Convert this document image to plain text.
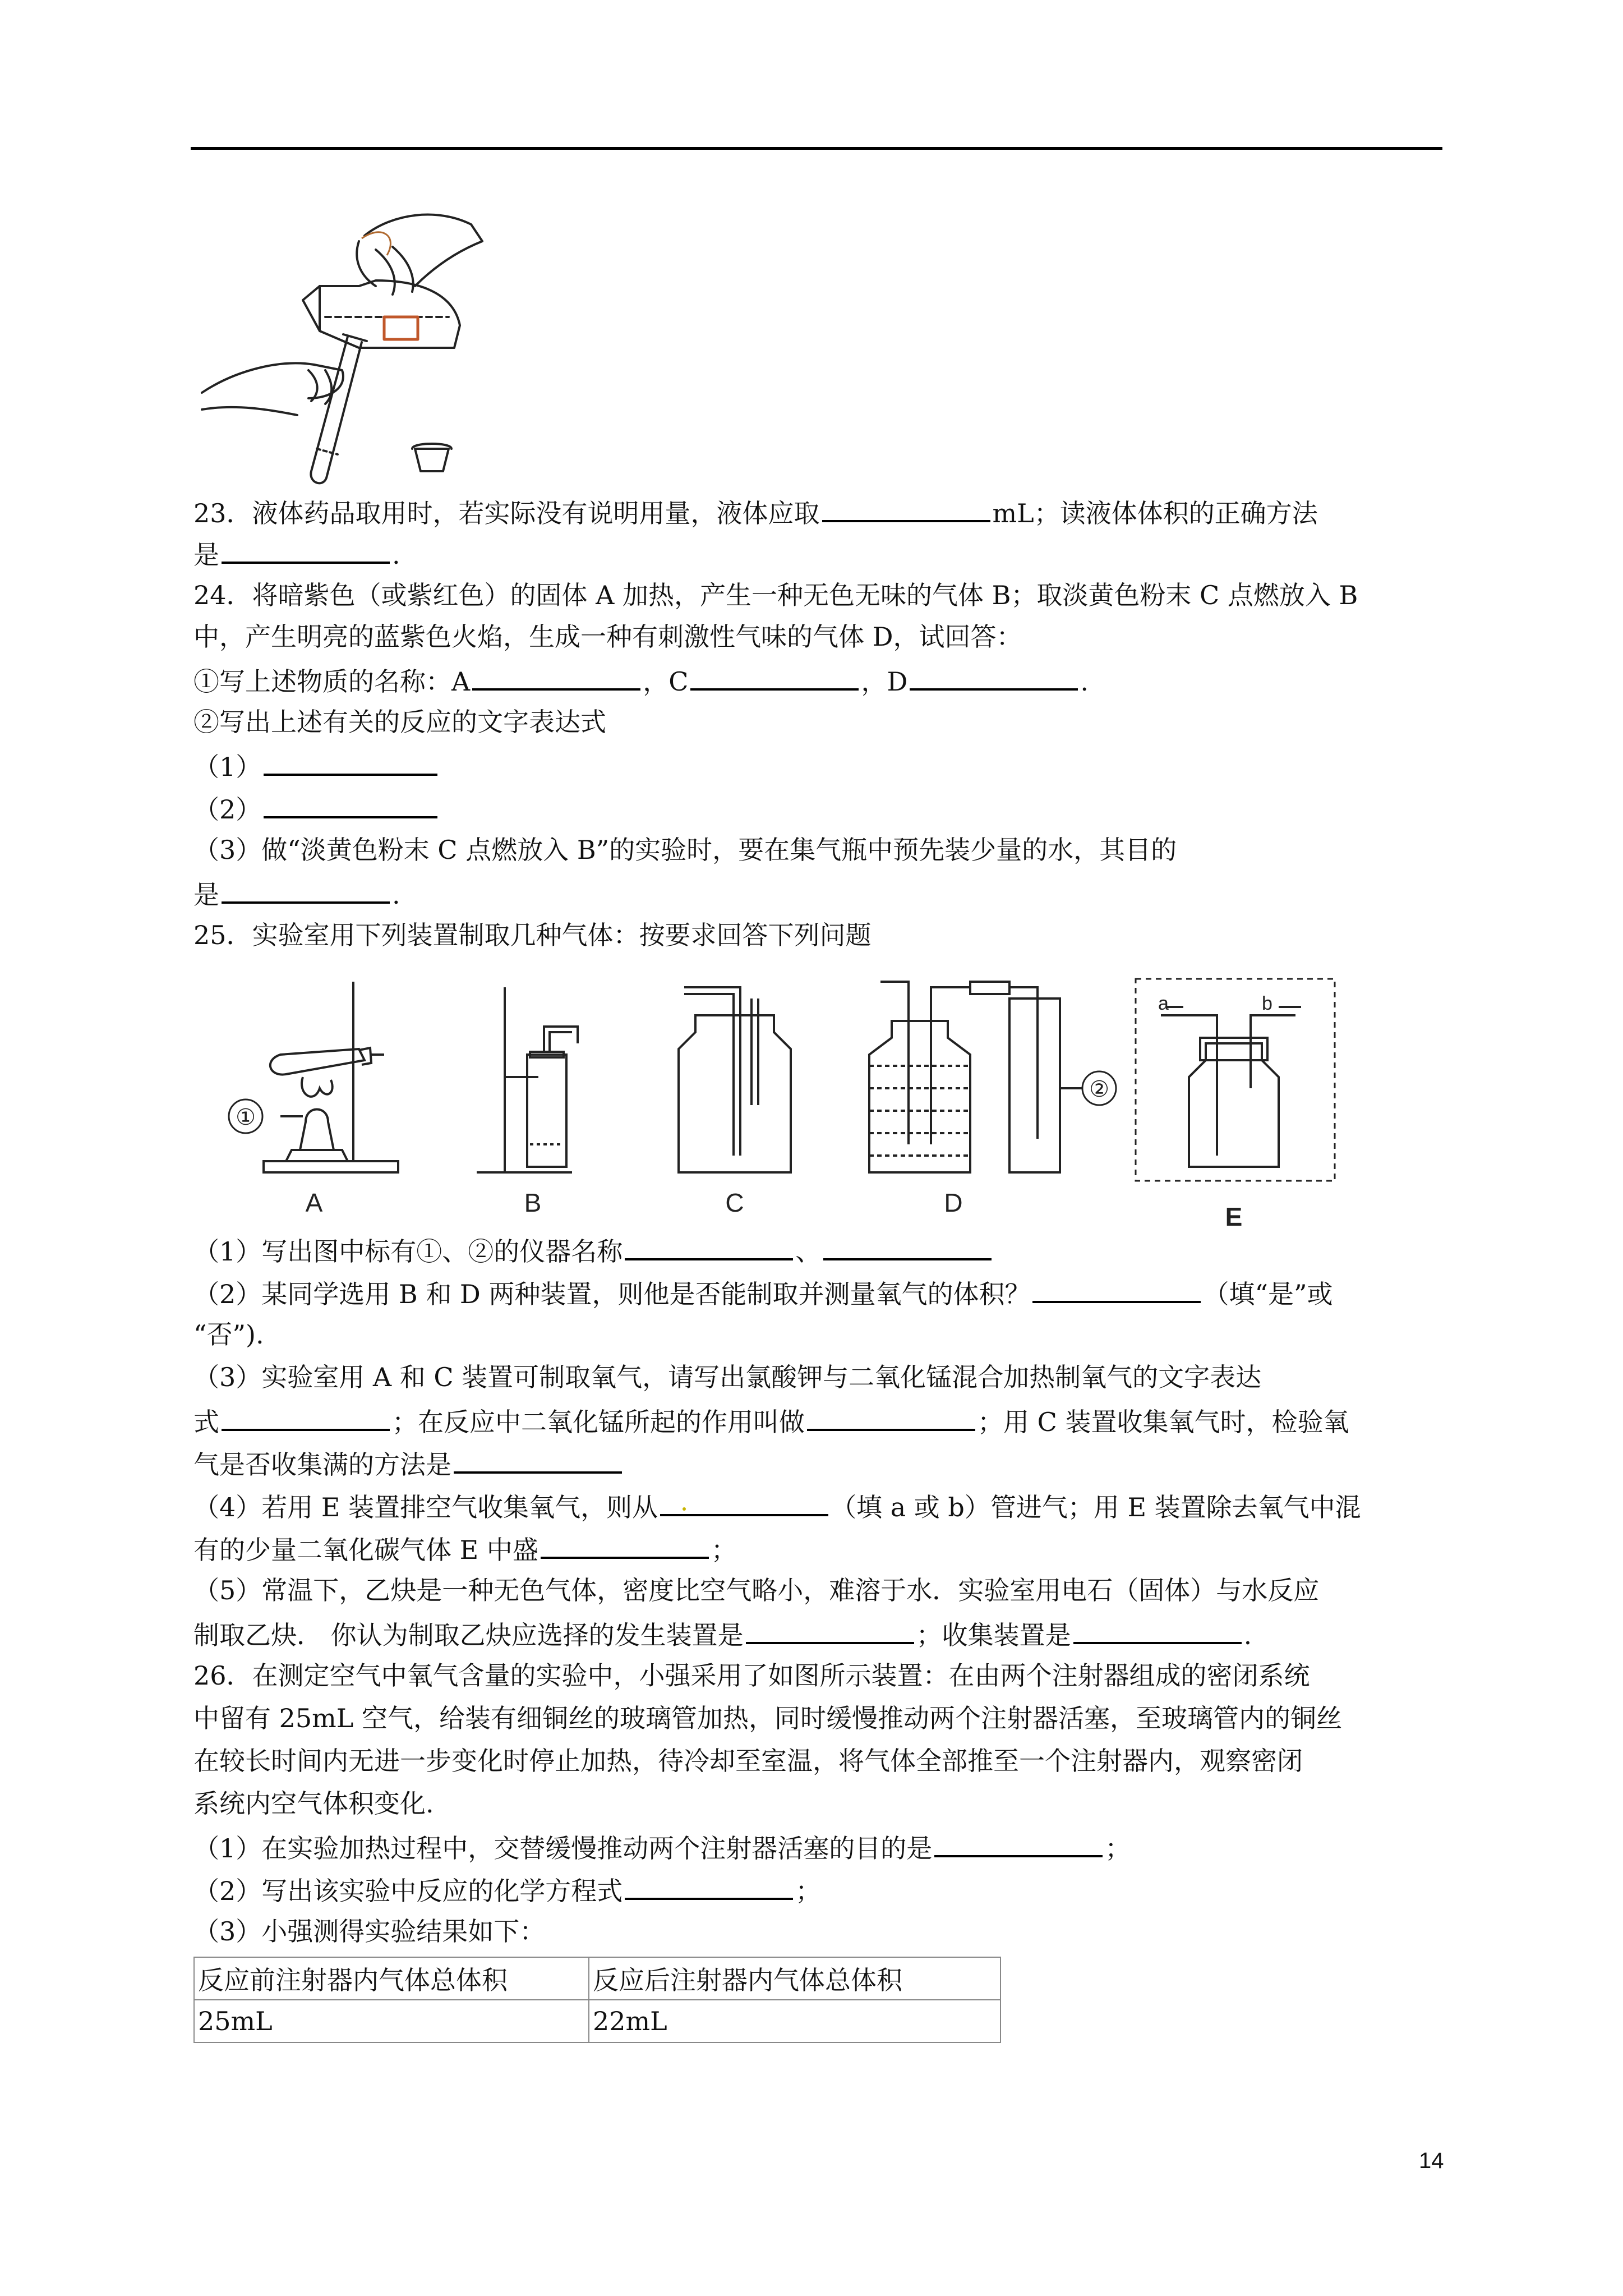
23．液体药品取用时，若实际没有说明用量，液体应取	mL；读液体体积的正确方法
是	.
24．将暗紫色（或紫红色）的固体 A 加热，产生一种无色无味的气体 B；取淡黄色粉末 C 点燃放入 B
中，产生明亮的蓝紫色火焰，生成一种有刺激性气味的气体 D，试回答：
①写上述物质的名称：A	，C	，D	.
②写出上述有关的反应的文字表达式
（1）
（2）
（3）做“淡黄色粉末 C 点燃放入 B”的实验时，要在集气瓶中预先装少量的水，其目的
是	.
25．实验室用下列装置制取几种气体：按要求回答下列问题
①
A	B	C
②
D
a	b
E
（1）写出图中标有①、②的仪器名称	、
（2）某同学选用 B 和 D 两种装置，则他是否能制取并测量氧气的体积？	（填“是”或
“否”).
（3）实验室用 A 和 C 装置可制取氧气，请写出氯酸钾与二氧化锰混合加热制氧气的文字表达
式	；在反应中二氧化锰所起的作用叫做	；用 C 装置收集氧气时，检验氧
气是否收集满的方法是
（4）若用 E 装置排空气收集氧气，则从	（填 a 或 b）管进气；用 E 装置除去氧气中混
有的少量二氧化碳气体 E 中盛	；
（5）常温下，乙炔是一种无色气体，密度比空气略小，难溶于水．实验室用电石（固体）与水反应
制取乙炔． 你认为制取乙炔应选择的发生装置是	；收集装置是	.
26．在测定空气中氧气含量的实验中，小强采用了如图所示装置：在由两个注射器组成的密闭系统
中留有 25mL 空气，给装有细铜丝的玻璃管加热，同时缓慢推动两个注射器活塞，至玻璃管内的铜丝
在较长时间内无进一步变化时停止加热，待冷却至室温，将气体全部推至一个注射器内，观察密闭
系统内空气体积变化.
（1）在实验加热过程中，交替缓慢推动两个注射器活塞的目的是	；
（2）写出该实验中反应的化学方程式	；
（3）小强测得实验结果如下：
反应前注射器内气体总体积	反应后注射器内气体总体积
25mL	22mL
14
